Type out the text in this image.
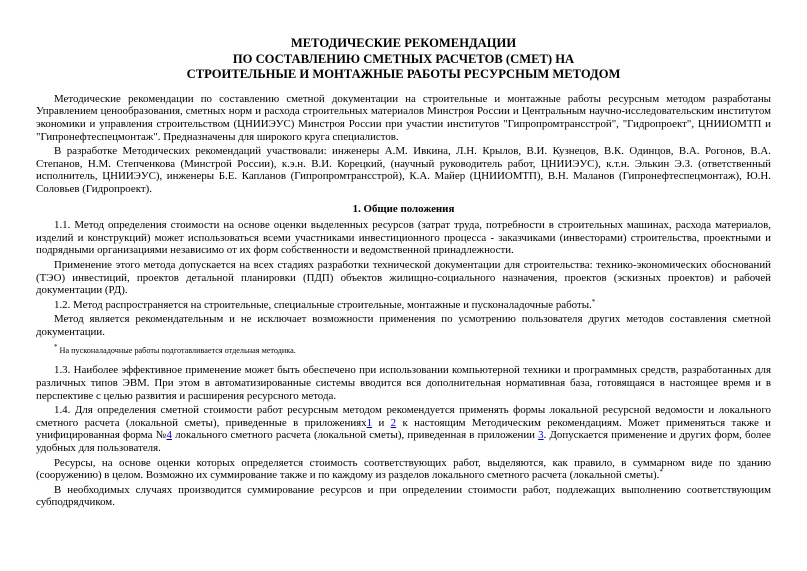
МЕТОДИЧЕСКИЕ РЕКОМЕНДАЦИИ
ПО СОСТАВЛЕНИЮ СМЕТНЫХ РАСЧЕТОВ (СМЕТ) НА
СТРОИТЕЛЬНЫЕ И МОНТАЖНЫЕ РАБОТЫ РЕСУРСНЫМ МЕТОДОМ

Методические рекомендации по составлению сметной документации на строительные и монтажные работы ресурсным методом разработаны Управлением ценообразования, сметных норм и расхода строительных материалов Минстроя России и Центральным научно-исследовательским институтом экономики и управления строительством (ЦНИИЭУС) Минстроя России при участии институтов "Гипропромтрансстрой", "Гидропроект", ЦНИИОМТП и "Гипронефтеспецмонтаж". Предназначены для широкого круга специалистов.

В разработке Методических рекомендаций участвовали: инженеры А.М. Ивкина, Л.Н. Крылов, В.И. Кузнецов, В.К. Одинцов, В.А. Рогонов, В.А. Степанов, Н.М. Степченкова (Минстрой России), к.э.н. В.И. Корецкий, (научный руководитель работ, ЦНИИЭУС), к.т.н. Элькин Э.З. (ответственный исполнитель, ЦНИИЭУС), инженеры Б.Е. Капланов (Гипропромтрансстрой), К.А. Майер (ЦНИИОМТП), В.Н. Маланов (Гипронефтеспецмонтаж), Ю.Н. Соловьев (Гидропроект).

1. Общие положения

1.1. Метод определения стоимости на основе оценки выделенных ресурсов (затрат труда, потребности в строительных машинах, расхода материалов, изделий и конструкций) может использоваться всеми участниками инвестиционного процесса - заказчиками (инвесторами) строительства, проектными и подрядными организациями независимо от их форм собственности и ведомственной принадлежности.

Применение этого метода допускается на всех стадиях разработки технической документации для строительства: технико-экономических обоснований (ТЭО) инвестиций, проектов детальной планировки (ПДП) объектов жилищно-социального назначения, проектов (эскизных проектов) и рабочей документации (РД).

1.2. Метод распространяется на строительные, специальные строительные, монтажные и пусконаладочные работы.*

Метод является рекомендательным и не исключает возможности применения по усмотрению пользователя других методов составления сметной документации.

* На пусконаладочные работы подготавливается отдельная методика.

1.3. Наиболее эффективное применение может быть обеспечено при использовании компьютерной техники и программных средств, разработанных для различных типов ЭВМ. При этом в автоматизированные системы вводится вся дополнительная нормативная база, готовящаяся в настоящее время и в перспективе с целью развития и расширения ресурсного метода.

1.4. Для определения сметной стоимости работ ресурсным методом рекомендуется применять формы локальной ресурсной ведомости и локального сметного расчета (локальной сметы), приведенные в приложениях1 и 2 к настоящим Методическим рекомендациям. Может применяться также и унифицированная форма №4 локального сметного расчета (локальной сметы), приведенная в приложении 3. Допускается применение и других форм, более удобных для пользователя.

Ресурсы, на основе оценки которых определяется стоимость соответствующих работ, выделяются, как правило, в суммарном виде по зданию (сооружению) в целом. Возможно их суммирование также и по каждому из разделов локального сметного расчета (локальной сметы).*

В необходимых случаях производится суммирование ресурсов и при определении стоимости работ, подлежащих выполнению соответствующим субподрядчиком.
